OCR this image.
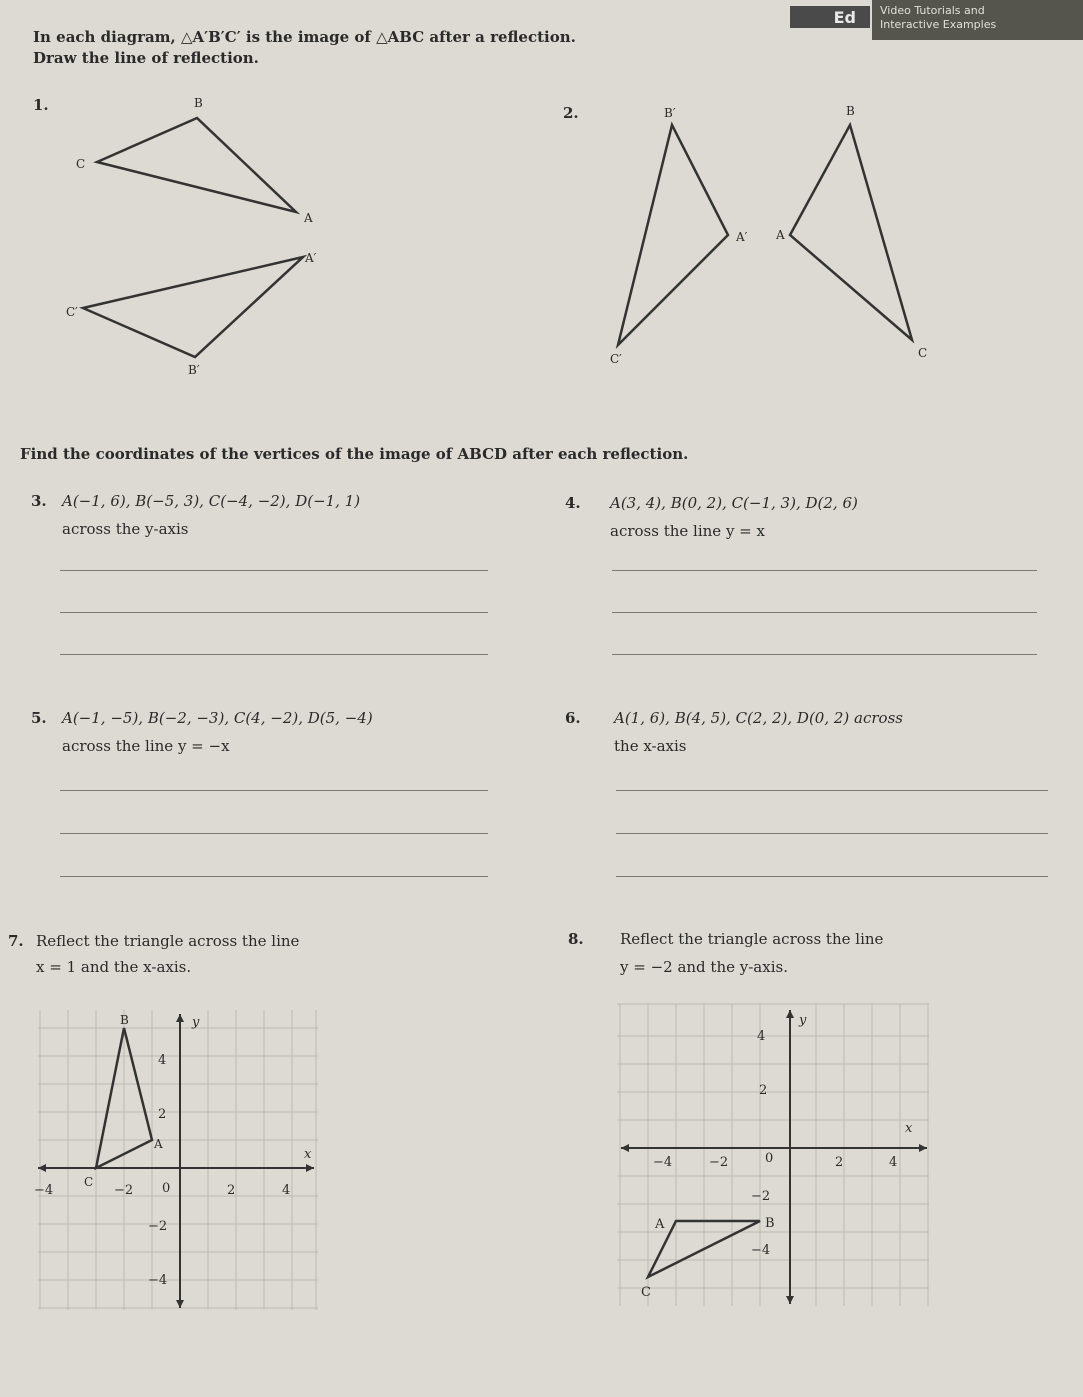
Ed Video Tutorials and
Interactive Examples
In each diagram, △A′B′C′ is the image of △ABC after a reflection.
Draw the line of reflection.
1.	B
C
A
A′
C′
B′
2.	B′	B
A′ A
C′	C
Find the coordinates of the vertices of the image of ABCD after each reflection.
3. A(−1, 6), B(−5, 3), C(−4, −2), D(−1, 1)
across the y-axis
4. A(3, 4), B(0, 2), C(−1, 3), D(2, 6)
across the line y = x
5. A(−1, −5), B(−2, −3), C(4, −2), D(5, −4)
across the line y = −x
6. A(1, 6), B(4, 5), C(2, 2), D(0, 2) across
the x-axis
7. Reflect the triangle across the line
x = 1 and the x-axis.
y
x
−4	−2 0	2	4
4
2
−2
−4
B
A
C
8. Reflect the triangle across the line
y = −2 and the y-axis.
y
x
−4	−2	0	2	4
4
2
−2
−4
A	B
C
